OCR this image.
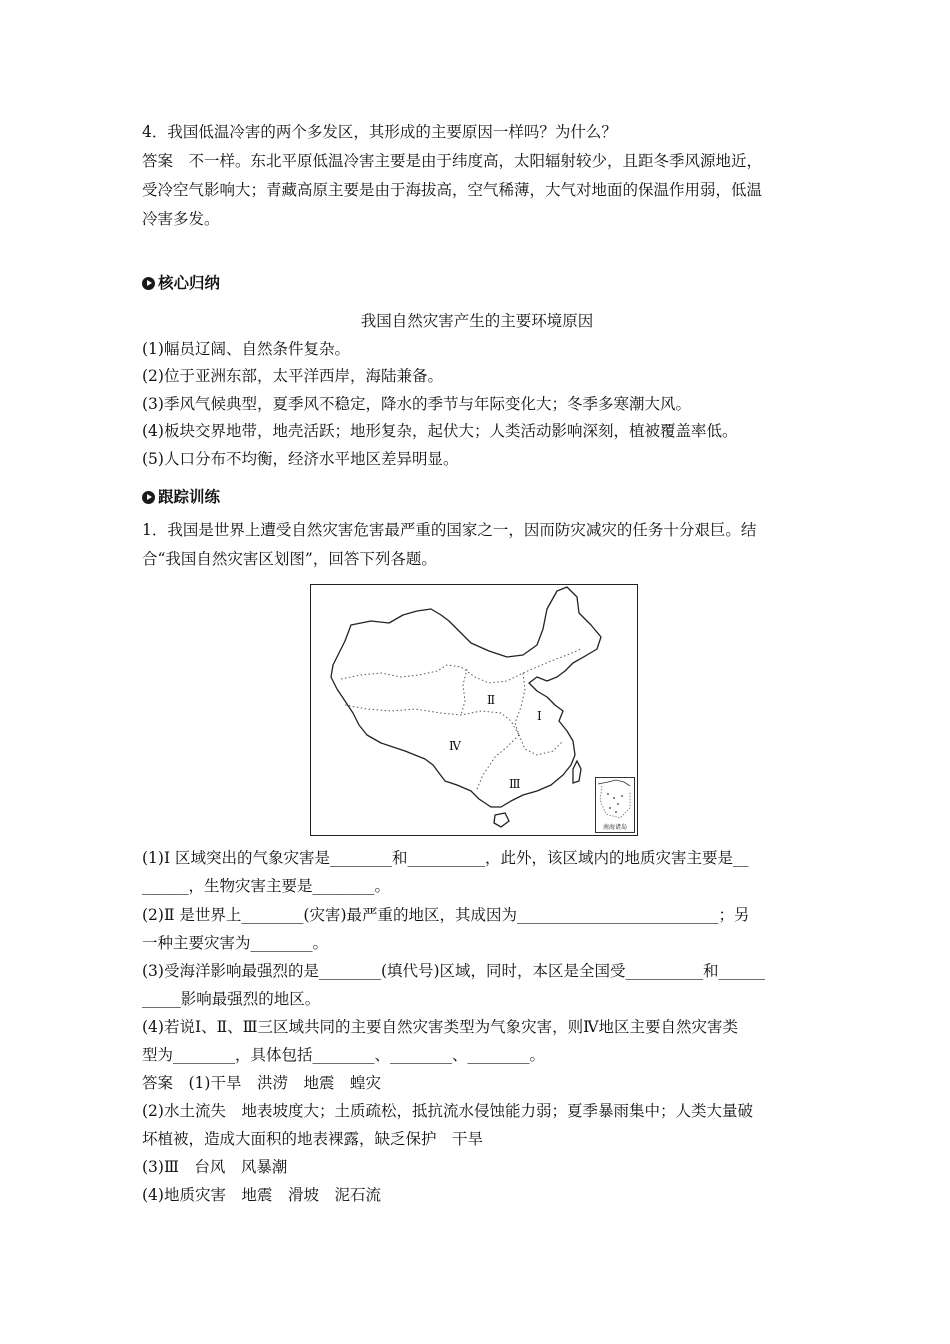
4．我国低温冷害的两个多发区，其形成的主要原因一样吗？为什么？
答案　不一样。东北平原低温冷害主要是由于纬度高，太阳辐射较少，且距冬季风源地近，
受冷空气影响大；青藏高原主要是由于海拔高，空气稀薄，大气对地面的保温作用弱，低温
冷害多发。
核心归纳
我国自然灾害产生的主要环境原因
(1)幅员辽阔、自然条件复杂。
(2)位于亚洲东部，太平洋西岸，海陆兼备。
(3)季风气候典型，夏季风不稳定，降水的季节与年际变化大；冬季多寒潮大风。
(4)板块交界地带，地壳活跃；地形复杂，起伏大；人类活动影响深刻，植被覆盖率低。
(5)人口分布不均衡，经济水平地区差异明显。
跟踪训练
1．我国是世界上遭受自然灾害危害最严重的国家之一，因而防灾减灾的任务十分艰巨。结
合“我国自然灾害区划图”，回答下列各题。
Ⅱ
Ⅰ
Ⅳ
Ⅲ
南海诸岛
(1)Ⅰ 区域突出的气象灾害是________和__________，此外，该区域内的地质灾害主要是__
______，生物灾害主要是________。
(2)Ⅱ 是世界上________(灾害)最严重的地区，其成因为__________________________；另
一种主要灾害为________。
(3)受海洋影响最强烈的是________(填代号)区域，同时，本区是全国受__________和______
_____影响最强烈的地区。
(4)若说Ⅰ、Ⅱ、Ⅲ三区域共同的主要自然灾害类型为气象灾害，则Ⅳ地区主要自然灾害类
型为________，具体包括________、________、________。
答案　(1)干旱　洪涝　地震　蝗灾
(2)水土流失　地表坡度大；土质疏松，抵抗流水侵蚀能力弱；夏季暴雨集中；人类大量破
坏植被，造成大面积的地表裸露，缺乏保护　干旱
(3)Ⅲ　台风　风暴潮
(4)地质灾害　地震　滑坡　泥石流
